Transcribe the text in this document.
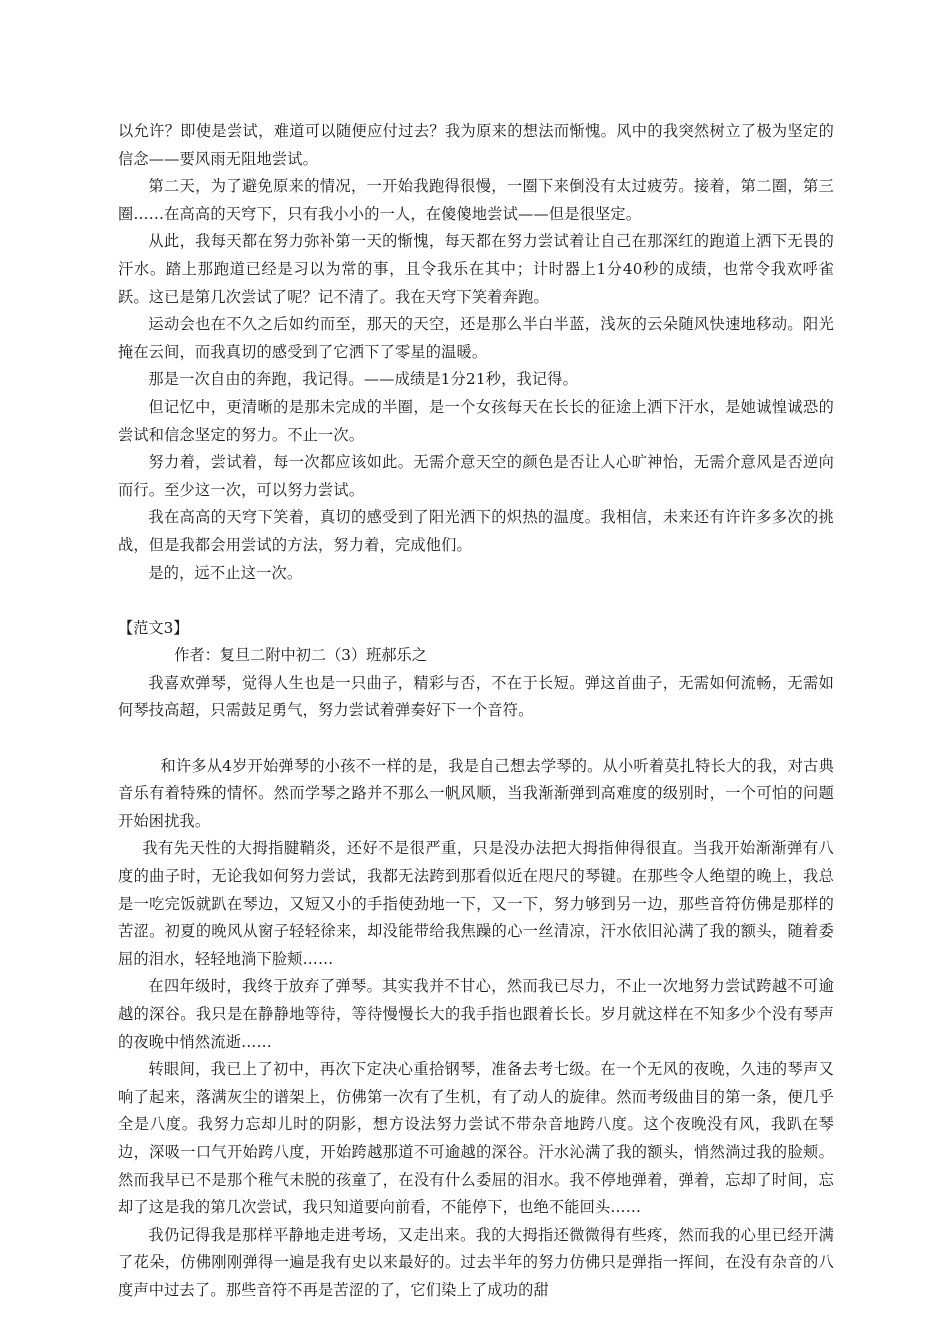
以允许？即使是尝试，难道可以随便应付过去？我为原来的想法而惭愧。风中的我突然树立了极为坚定的信念——要风雨无阻地尝试。

第二天，为了避免原来的情况，一开始我跑得很慢，一圈下来倒没有太过疲劳。接着，第二圈，第三圈……在高高的天穹下，只有我小小的一人，在傻傻地尝试——但是很坚定。

从此，我每天都在努力弥补第一天的惭愧，每天都在努力尝试着让自己在那深红的跑道上洒下无畏的汗水。踏上那跑道已经是习以为常的事，且令我乐在其中；计时器上1分40秒的成绩，也常令我欢呼雀跃。这已是第几次尝试了呢？记不清了。我在天穹下笑着奔跑。

运动会也在不久之后如约而至，那天的天空，还是那么半白半蓝，浅灰的云朵随风快速地移动。阳光掩在云间，而我真切的感受到了它洒下了零星的温暖。

那是一次自由的奔跑，我记得。——成绩是1分21秒，我记得。

但记忆中，更清晰的是那未完成的半圈，是一个女孩每天在长长的征途上洒下汗水，是她诚惶诚恐的尝试和信念坚定的努力。不止一次。

努力着，尝试着，每一次都应该如此。无需介意天空的颜色是否让人心旷神怡，无需介意风是否逆向而行。至少这一次，可以努力尝试。

我在高高的天穹下笑着，真切的感受到了阳光洒下的炽热的温度。我相信，未来还有许许多多次的挑战，但是我都会用尝试的方法，努力着，完成他们。

是的，远不止这一次。

【范文3】

作者：复旦二附中初二（3）班郝乐之

我喜欢弹琴，觉得人生也是一只曲子，精彩与否，不在于长短。弹这首曲子，无需如何流畅，无需如何琴技高超，只需鼓足勇气，努力尝试着弹奏好下一个音符。

和许多从4岁开始弹琴的小孩不一样的是，我是自己想去学琴的。从小听着莫扎特长大的我，对古典音乐有着特殊的情怀。然而学琴之路并不那么一帆风顺，当我渐渐弹到高难度的级别时，一个可怕的问题开始困扰我。

我有先天性的大拇指腱鞘炎，还好不是很严重，只是没办法把大拇指伸得很直。当我开始渐渐弹有八度的曲子时，无论我如何努力尝试，我都无法跨到那看似近在咫尺的琴键。在那些令人绝望的晚上，我总是一吃完饭就趴在琴边，又短又小的手指使劲地一下，又一下，努力够到另一边，那些音符仿佛是那样的苦涩。初夏的晚风从窗子轻轻徐来，却没能带给我焦躁的心一丝清凉，汗水依旧沁满了我的额头，随着委屈的泪水，轻轻地淌下脸颊……

在四年级时，我终于放弃了弹琴。其实我并不甘心，然而我已尽力，不止一次地努力尝试跨越不可逾越的深谷。我只是在静静地等待，等待慢慢长大的我手指也跟着长长。岁月就这样在不知多少个没有琴声的夜晚中悄然流逝……

转眼间，我已上了初中，再次下定决心重拾钢琴，准备去考七级。在一个无风的夜晚，久违的琴声又响了起来，落满灰尘的谱架上，仿佛第一次有了生机，有了动人的旋律。然而考级曲目的第一条，便几乎全是八度。我努力忘却儿时的阴影，想方设法努力尝试不带杂音地跨八度。这个夜晚没有风，我趴在琴边，深吸一口气开始跨八度，开始跨越那道不可逾越的深谷。汗水沁满了我的额头，悄然淌过我的脸颊。然而我早已不是那个稚气未脱的孩童了，在没有什么委屈的泪水。我不停地弹着，弹着，忘却了时间，忘却了这是我的第几次尝试，我只知道要向前看，不能停下，也绝不能回头……

我仍记得我是那样平静地走进考场，又走出来。我的大拇指还微微得有些疼，然而我的心里已经开满了花朵，仿佛刚刚弹得一遍是我有史以来最好的。过去半年的努力仿佛只是弹指一挥间，在没有杂音的八度声中过去了。那些音符不再是苦涩的了，它们染上了成功的甜
